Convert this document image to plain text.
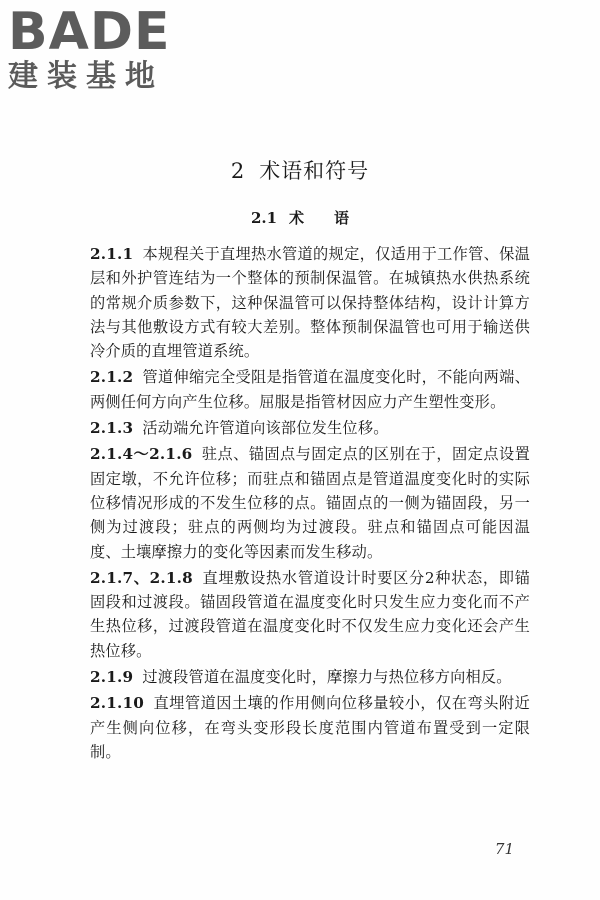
BADE
建装基地
2 术语和符号
2.1 术　　语

2.1.1 本规程关于直埋热水管道的规定，仅适用于工作管、保温层和外护管连结为一个整体的预制保温管。在城镇热水供热系统的常规介质参数下，这种保温管可以保持整体结构，设计计算方法与其他敷设方式有较大差别。整体预制保温管也可用于输送供冷介质的直埋管道系统。

2.1.2 管道伸缩完全受阻是指管道在温度变化时，不能向两端、两侧任何方向产生位移。屈服是指管材因应力产生塑性变形。

2.1.3 活动端允许管道向该部位发生位移。

2.1.4～2.1.6 驻点、锚固点与固定点的区别在于，固定点设置固定墩，不允许位移；而驻点和锚固点是管道温度变化时的实际位移情况形成的不发生位移的点。锚固点的一侧为锚固段，另一侧为过渡段；驻点的两侧均为过渡段。驻点和锚固点可能因温度、土壤摩擦力的变化等因素而发生移动。

2.1.7、2.1.8 直埋敷设热水管道设计时要区分2种状态，即锚固段和过渡段。锚固段管道在温度变化时只发生应力变化而不产生热位移，过渡段管道在温度变化时不仅发生应力变化还会产生热位移。

2.1.9 过渡段管道在温度变化时，摩擦力与热位移方向相反。

2.1.10 直埋管道因土壤的作用侧向位移量较小，仅在弯头附近产生侧向位移，在弯头变形段长度范围内管道布置受到一定限制。

71
